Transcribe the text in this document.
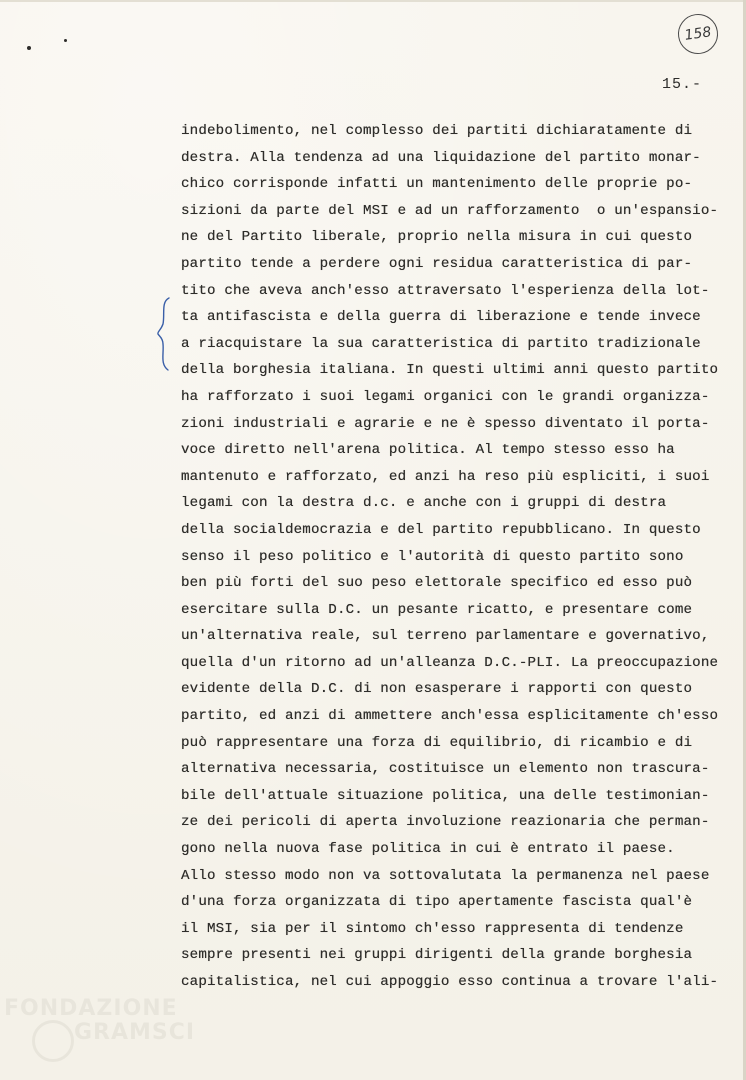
158
15.-
indebolimento, nel complesso dei partiti dichiaratamente di
destra. Alla tendenza ad una liquidazione del partito monar-
chico corrisponde infatti un mantenimento delle proprie po-
sizioni da parte del MSI e ad un rafforzamento  o un'espansio-
ne del Partito liberale, proprio nella misura in cui questo
partito tende a perdere ogni residua caratteristica di par-
tito che aveva anch'esso attraversato l'esperienza della lot-
ta antifascista e della guerra di liberazione e tende invece
a riacquistare la sua caratteristica di partito tradizionale
della borghesia italiana. In questi ultimi anni questo partito
ha rafforzato i suoi legami organici con le grandi organizza-
zioni industriali e agrarie e ne è spesso diventato il porta-
voce diretto nell'arena politica. Al tempo stesso esso ha
mantenuto e rafforzato, ed anzi ha reso più espliciti, i suoi
legami con la destra d.c. e anche con i gruppi di destra
della socialdemocrazia e del partito repubblicano. In questo
senso il peso politico e l'autorità di questo partito sono
ben più forti del suo peso elettorale specifico ed esso può
esercitare sulla D.C. un pesante ricatto, e presentare come
un'alternativa reale, sul terreno parlamentare e governativo,
quella d'un ritorno ad un'alleanza D.C.-PLI. La preoccupazione
evidente della D.C. di non esasperare i rapporti con questo
partito, ed anzi di ammettere anch'essa esplicitamente ch'esso
può rappresentare una forza di equilibrio, di ricambio e di
alternativa necessaria, costituisce un elemento non trascura-
bile dell'attuale situazione politica, una delle testimonian-
ze dei pericoli di aperta involuzione reazionaria che perman-
gono nella nuova fase politica in cui è entrato il paese.
Allo stesso modo non va sottovalutata la permanenza nel paese
d'una forza organizzata di tipo apertamente fascista qual'è
il MSI, sia per il sintomo ch'esso rappresenta di tendenze
sempre presenti nei gruppi dirigenti della grande borghesia
capitalistica, nel cui appoggio esso continua a trovare l'ali-
FONDAZIONE
GRAMSCI
